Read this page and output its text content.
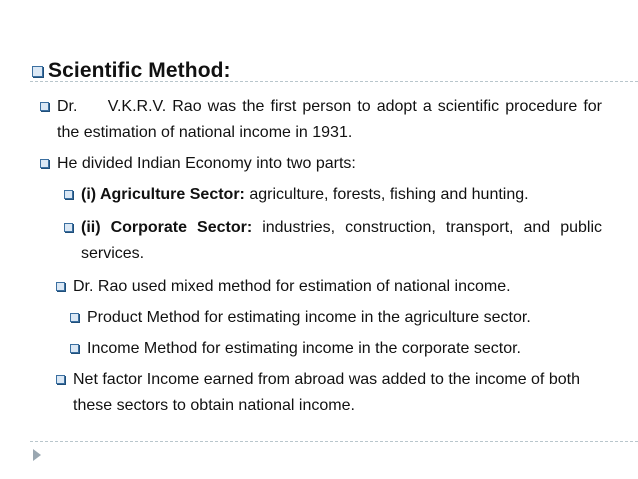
Scientific Method:
Dr.     V.K.R.V. Rao was the first person to adopt a scientific procedure for the estimation of national income in 1931.
He divided Indian Economy into two parts:
(i) Agriculture Sector: agriculture, forests, fishing and hunting.
(ii) Corporate Sector: industries, construction, transport, and public services.
Dr. Rao used mixed method for estimation of national income.
Product Method for estimating income in the agriculture sector.
Income Method for estimating income in the corporate sector.
Net factor Income earned from abroad was added to the income of both these sectors to obtain national income.
